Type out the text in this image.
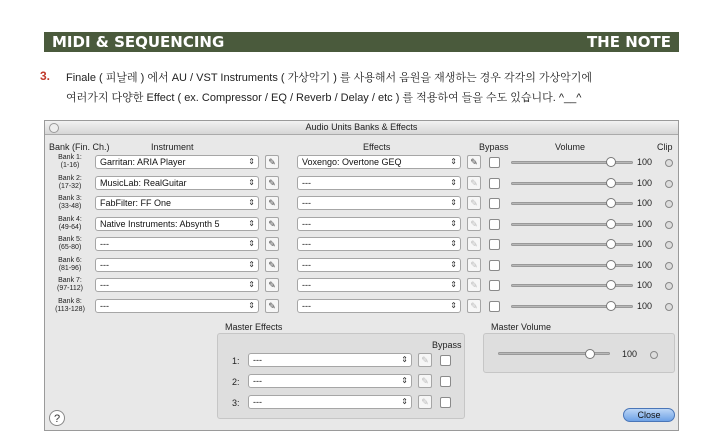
MIDI & SEQUENCING	THE NOTE
3. Finale ( 피날레 ) 에서 AU / VST Instruments ( 가상악기 ) 를 사용해서 음원을 재생하는 경우 각각의 가상악기에
여러가지 다양한 Effect ( ex. Compressor / EQ / Reverb / Delay / etc ) 를 적용하여 들을 수도 있습니다. ^__^
Audio Units Banks & Effects
Bank (Fin. Ch.)	Instrument	Effects	Bypass	Volume	Clip
Bank 1:
(1-16)	Garritan: ARIA Player	⇕	✎	Voxengo: Overtone GEQ	⇕	✎	100
Bank 2:
(17-32)	MusicLab: RealGuitar	⇕	✎	---	⇕	✎	100
Bank 3:
(33-48)	FabFilter: FF One	⇕	✎	---	⇕	✎	100
Bank 4:
(49-64)	Native Instruments: Absynth 5	⇕	✎	---	⇕	✎	100
Bank 5:
(65-80)	---	⇕	✎	---	⇕	✎	100
Bank 6:
(81-96)	---	⇕	✎	---	⇕	✎	100
Bank 7:
(97-112)	---	⇕	✎	---	⇕	✎	100
Bank 8:
(113-128)	---	⇕	✎	---	⇕	✎	100
Master Effects
Bypass
1:	---	⇕	✎
2:	---	⇕	✎
3:	---	⇕	✎
Master Volume
100
?	Close
